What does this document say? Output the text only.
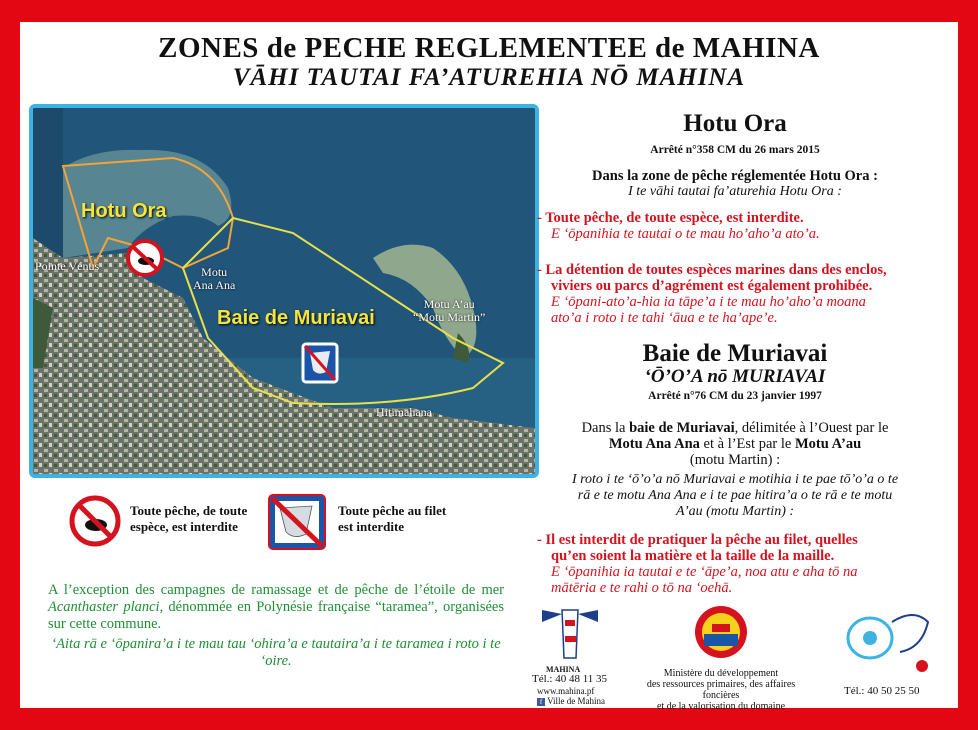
ZONES de PECHE REGLEMENTEE de MAHINA
VĀHI TAUTAI FA’ATUREHIA NŌ MAHINA
Hotu Ora
Pointe Vénus	Motu
Ana Ana
Baie de Muriavai
Motu A’au
“Motu Martin”
Hitimahana
Toute pêche, de toute
espèce, est interdite
Toute pêche au filet
est interdite
A l’exception des campagnes de ramassage et de pêche de l’étoile de mer Acanthaster planci, dénommée en Polynésie française “taramea”, organisées sur cette commune.
‘Aita rā e ‘ōpanira’a i te mau tau ‘ohira’a e tautaira’a i te taramea i roto i te ‘oire.
Hotu Ora
Arrêté n°358 CM du 26 mars 2015
Dans la zone de pêche réglementée Hotu Ora :
I te vāhi tautai fa’aturehia Hotu Ora :
- Toute pêche, de toute espèce, est interdite.
E ‘ōpanihia te tautai o te mau ho’aho’a ato’a.
- La détention de toutes espèces marines dans des enclos,
viviers ou parcs d’agrément est également prohibée.
E ‘ōpani-ato’a-hia ia tāpe’a i te mau ho’aho’a moana
ato’a i roto i te tahi ‘āua e te ha’ape’e.
Baie de Muriavai
‘Ō’O’A nō MURIAVAI
Arrêté n°76 CM du 23 janvier 1997
Dans la baie de Muriavai, délimitée à l’Ouest par le
Motu Ana Ana et à l’Est par le Motu A’au
(motu Martin) :
I roto i te ‘ō’o’a nō Muriavai e motihia i te pae tō’o’a o te
rā e te motu Ana Ana e i te pae hitira’a o te rā e te motu
A’au (motu Martin) :
- Il est interdit de pratiquer la pêche au filet, quelles
qu’en soient la matière et la taille de la maille.
E ‘ōpanihia ia tautai e te ‘āpe’a, noa atu e aha tō na
mātēria e te rahi o tō na ‘oehā.
MAHINA
Tél.: 40 48 11 35
www.mahina.pf
f Ville de Mahina
Ministère du développement
des ressources primaires, des affaires foncières
et de la valorisation du domaine
Tél.: 40 50 25 50
